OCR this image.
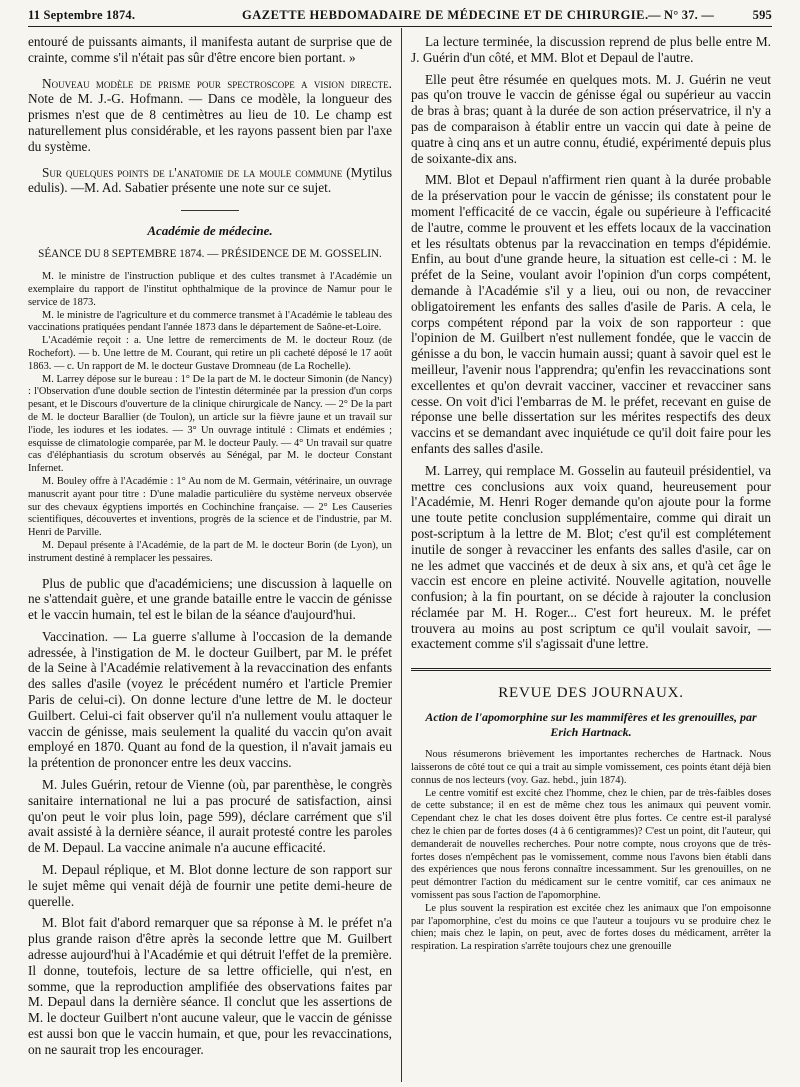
11 Septembre 1874.	GAZETTE HEBDOMADAIRE DE MÉDECINE ET DE CHIRURGIE. — N° 37. —	595

entouré de puissants aimants, il manifesta autant de surprise que de crainte, comme s'il n'était pas sûr d'être encore bien portant. »

Nouveau modèle de prisme pour spectroscope a vision directe. Note de M. J.-G. Hofmann. — Dans ce modèle, la longueur des prismes n'est que de 8 centimètres au lieu de 10. Le champ est naturellement plus considérable, et les rayons passent bien par l'axe du système.

Sur quelques points de l'anatomie de la moule commune (Mytilus edulis). —M. Ad. Sabatier présente une note sur ce sujet.

Académie de médecine.
SÉANCE DU 8 SEPTEMBRE 1874. — PRÉSIDENCE DE M. GOSSELIN.

M. le ministre de l'instruction publique et des cultes transmet à l'Académie un exemplaire du rapport de l'institut ophthalmique de la province de Namur pour le service de 1873.

M. le ministre de l'agriculture et du commerce transmet à l'Académie le tableau des vaccinations pratiquées pendant l'année 1873 dans le département de Saône-et-Loire.

L'Académie reçoit : a. Une lettre de remerciments de M. le docteur Rouz (de Rochefort). — b. Une lettre de M. Courant, qui retire un pli cacheté déposé le 17 août 1863. — c. Un rapport de M. le docteur Gustave Dromneau (de La Rochelle).

M. Larrey dépose sur le bureau : 1° De la part de M. le docteur Simonin (de Nancy) : l'Observation d'une double section de l'intestin déterminée par la pression d'un corps pesant, et le Discours d'ouverture de la clinique chirurgicale de Nancy. — 2° De la part de M. le docteur Barallier (de Toulon), un article sur la fièvre jaune et un travail sur l'iode, les iodures et les iodates. — 3° Un ouvrage intitulé : Climats et endémies ; esquisse de climatologie comparée, par M. le docteur Pauly. — 4° Un travail sur quatre cas d'éléphantiasis du scrotum observés au Sénégal, par M. le docteur Constant Infernet.

M. Bouley offre à l'Académie : 1° Au nom de M. Germain, vétérinaire, un ouvrage manuscrit ayant pour titre : D'une maladie particulière du système nerveux observée sur des chevaux égyptiens importés en Cochinchine française. — 2° Les Causeries scientifiques, découvertes et inventions, progrès de la science et de l'industrie, par M. Henri de Parville.

M. Depaul présente à l'Académie, de la part de M. le docteur Borin (de Lyon), un instrument destiné à remplacer les pessaires.

Plus de public que d'académiciens; une discussion à laquelle on ne s'attendait guère, et une grande bataille entre le vaccin de génisse et le vaccin humain, tel est le bilan de la séance d'aujourd'hui.

Vaccination. — La guerre s'allume à l'occasion de la demande adressée, à l'instigation de M. le docteur Guilbert, par M. le préfet de la Seine à l'Académie relativement à la revaccination des enfants des salles d'asile (voyez le précédent numéro et l'article Premier Paris de celui-ci). On donne lecture d'une lettre de M. le docteur Guilbert. Celui-ci fait observer qu'il n'a nullement voulu attaquer le vaccin de génisse, mais seulement la qualité du vaccin qu'on avait employé en 1870. Quant au fond de la question, il n'avait jamais eu la prétention de prononcer entre les deux vaccins.

M. Jules Guérin, retour de Vienne (où, par parenthèse, le congrès sanitaire international ne lui a pas procuré de satisfaction, ainsi qu'on peut le voir plus loin, page 599), déclare carrément que s'il avait assisté à la dernière séance, il aurait protesté contre les paroles de M. Depaul. La vaccine animale n'a aucune efficacité.

M. Depaul réplique, et M. Blot donne lecture de son rapport sur le sujet même qui venait déjà de fournir une petite demi-heure de querelle.

M. Blot fait d'abord remarquer que sa réponse à M. le préfet n'a plus grande raison d'être après la seconde lettre que M. Guilbert adresse aujourd'hui à l'Académie et qui détruit l'effet de la première. Il donne, toutefois, lecture de sa lettre officielle, qui n'est, en somme, que la reproduction amplifiée des observations faites par M. Depaul dans la dernière séance. Il conclut que les assertions de M. le docteur Guilbert n'ont aucune valeur, que le vaccin de génisse est aussi bon que le vaccin humain, et que, pour les revaccinations, on ne saurait trop les encourager.

La lecture terminée, la discussion reprend de plus belle entre M. J. Guérin d'un côté, et MM. Blot et Depaul de l'autre.

Elle peut être résumée en quelques mots. M. J. Guérin ne veut pas qu'on trouve le vaccin de génisse égal ou supérieur au vaccin de bras à bras; quant à la durée de son action préservatrice, il n'y a pas de comparaison à établir entre un vaccin qui date à peine de quatre à cinq ans et un autre connu, étudié, expérimenté depuis plus de soixante-dix ans.

MM. Blot et Depaul n'affirment rien quant à la durée probable de la préservation pour le vaccin de génisse; ils constatent pour le moment l'efficacité de ce vaccin, égale ou supérieure à l'efficacité de l'autre, comme le prouvent et les effets locaux de la vaccination et les résultats obtenus par la revaccination en temps d'épidémie. Enfin, au bout d'une grande heure, la situation est celle-ci : M. le préfet de la Seine, voulant avoir l'opinion d'un corps compétent, demande à l'Académie s'il y a lieu, oui ou non, de revacciner obligatoirement les enfants des salles d'asile de Paris. A cela, le corps compétent répond par la voix de son rapporteur : que l'opinion de M. Guilbert n'est nullement fondée, que le vaccin de génisse a du bon, le vaccin humain aussi; quant à savoir quel est le meilleur, l'avenir nous l'apprendra; qu'enfin les revaccinations sont excellentes et qu'on devrait vacciner, vacciner et revacciner sans cesse. On voit d'ici l'embarras de M. le préfet, recevant en guise de réponse une belle dissertation sur les mérites respectifs des deux vaccins et se demandant avec inquiétude ce qu'il doit faire pour les enfants des salles d'asile.

M. Larrey, qui remplace M. Gosselin au fauteuil présidentiel, va mettre ces conclusions aux voix quand, heureusement pour l'Académie, M. Henri Roger demande qu'on ajoute pour la forme une toute petite conclusion supplémentaire, comme qui dirait un post-scriptum à la lettre de M. Blot; c'est qu'il est complétement inutile de songer à revacciner les enfants des salles d'asile, car on ne les admet que vaccinés et de deux à six ans, et qu'à cet âge le vaccin est encore en pleine activité. Nouvelle agitation, nouvelle confusion; à la fin pourtant, on se décide à rajouter la conclusion réclamée par M. H. Roger... C'est fort heureux. M. le préfet trouvera au moins au post scriptum ce qu'il voulait savoir, — exactement comme s'il s'agissait d'une lettre.

REVUE DES JOURNAUX.
Action de l'apomorphine sur les mammifères et les grenouilles, par Erich Hartnack.

Nous résumerons brièvement les importantes recherches de Hartnack. Nous laisserons de côté tout ce qui a trait au simple vomissement, ces points étant déjà bien connus de nos lecteurs (voy. Gaz. hebd., juin 1874).

Le centre vomitif est excité chez l'homme, chez le chien, par de très-faibles doses de cette substance; il en est de même chez tous les animaux qui peuvent vomir. Cependant chez le chat les doses doivent être plus fortes. Ce centre est-il paralysé chez le chien par de fortes doses (4 à 6 centigrammes)? C'est un point, dit l'auteur, qui demanderait de nouvelles recherches. Pour notre compte, nous croyons que de très-fortes doses n'empêchent pas le vomissement, comme nous l'avons bien établi dans des expériences que nous ferons connaître incessamment. Sur les grenouilles, on ne peut démontrer l'action du médicament sur le centre vomitif, car ces animaux ne vomissent pas sous l'action de l'apomorphine.

Le plus souvent la respiration est excitée chez les animaux que l'on empoisonne par l'apomorphine, c'est du moins ce que l'auteur a toujours vu se produire chez le chien; mais chez le lapin, on peut, avec de fortes doses du médicament, arrêter la respiration. La respiration s'arrête toujours chez une grenouille
